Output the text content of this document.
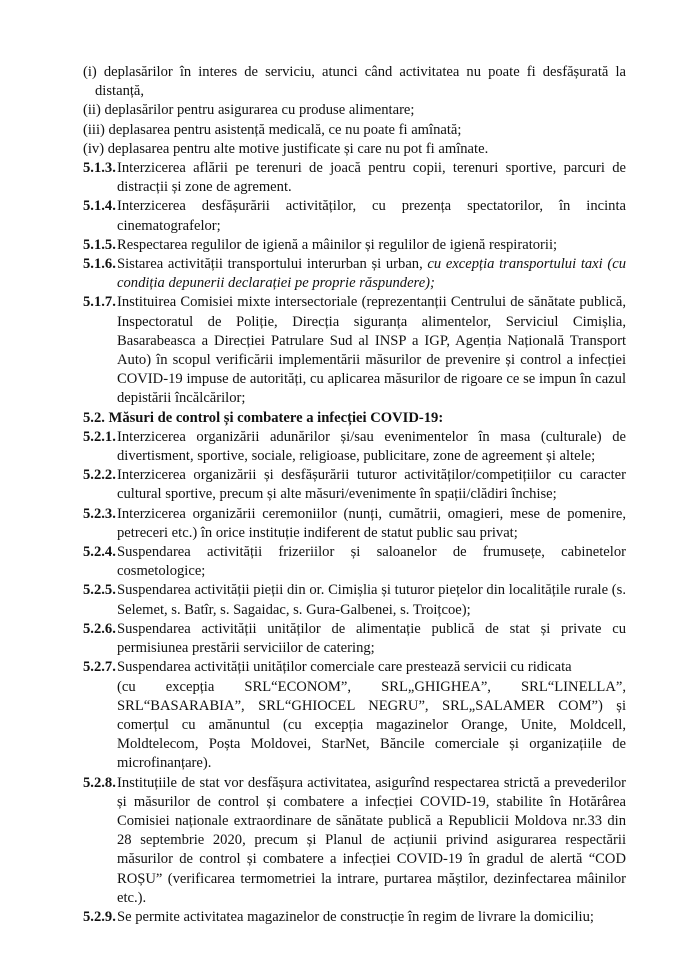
(i) deplasărilor în interes de serviciu, atunci când activitatea nu poate fi desfășurată la distanță,

(ii) deplasărilor pentru asigurarea cu produse alimentare;

(iii) deplasarea pentru asistență medicală, ce nu poate fi amînată;

(iv) deplasarea pentru alte motive justificate și care nu pot fi amînate.

5.1.3. Interzicerea aflării pe terenuri de joacă pentru copii, terenuri sportive, parcuri de distracții și zone de agrement.

5.1.4. Interzicerea desfășurării activităților, cu prezența spectatorilor, în incinta cinematografelor;

5.1.5. Respectarea regulilor de igienă a mâinilor și regulilor de igienă respiratorii;

5.1.6. Sistarea activității transportului interurban și urban, cu excepția transportului taxi (cu condiția depunerii declarației pe proprie răspundere);

5.1.7. Instituirea Comisiei mixte intersectoriale (reprezentanții Centrului de sănătate publică, Inspectoratul de Poliție, Direcția siguranța alimentelor, Serviciul Cimișlia, Basarabeasca a Direcției Patrulare Sud al INSP a IGP, Agenția Națională Transport Auto) în scopul verificării implementării măsurilor de prevenire și control a infecției COVID-19 impuse de autorități, cu aplicarea măsurilor de rigoare ce se impun în cazul depistării încălcărilor;

5.2. Măsuri de control și combatere a infecției COVID-19:

5.2.1. Interzicerea organizării adunărilor și/sau evenimentelor în masa (culturale) de divertisment, sportive, sociale, religioase, publicitare, zone de agreement și altele;

5.2.2. Interzicerea organizării și desfășurării tuturor activităților/competițiilor cu caracter cultural sportive, precum și alte măsuri/evenimente în spații/clădiri închise;

5.2.3. Interzicerea organizării ceremoniilor (nunți, cumătrii, omagieri, mese de pomenire, petreceri etc.) în orice instituție indiferent de statut public sau privat;

5.2.4. Suspendarea activității frizeriilor și saloanelor de frumusețe, cabinetelor cosmetologice;

5.2.5. Suspendarea activității pieții din or. Cimișlia și tuturor piețelor din localitățile rurale (s. Selemet, s. Batîr, s. Sagaidac, s. Gura-Galbenei, s. Troițcoe);

5.2.6. Suspendarea activității unităților de alimentație publică de stat și private cu permisiunea prestării serviciilor de catering;

5.2.7. Suspendarea activității unităților comerciale care prestează servicii cu ridicata

(cu excepția SRL“ECONOM”, SRL„GHIGHEA”, SRL“LINELLA”, SRL“BASARABIA”, SRL“GHIOCEL NEGRU”, SRL„SALAMER COM”) și comerțul cu amănuntul (cu excepția magazinelor Orange, Unite, Moldcell, Moldtelecom, Poșta Moldovei, StarNet, Băncile comerciale și organizațiile de microfinanțare).

5.2.8. Instituțiile de stat vor desfășura activitatea, asigurînd respectarea strictă a prevederilor și măsurilor de control și combatere a infecției COVID-19, stabilite în Hotărârea Comisiei naționale extraordinare de sănătate publică a Republicii Moldova nr.33 din 28 septembrie 2020, precum și Planul de acțiunii privind asigurarea respectării măsurilor de control și combatere a infecției COVID-19 în gradul de alertă “COD ROȘU” (verificarea termometriei la intrare, purtarea măștilor, dezinfectarea mâinilor etc.).

5.2.9. Se permite activitatea magazinelor de construcție în regim de livrare la domiciliu;
